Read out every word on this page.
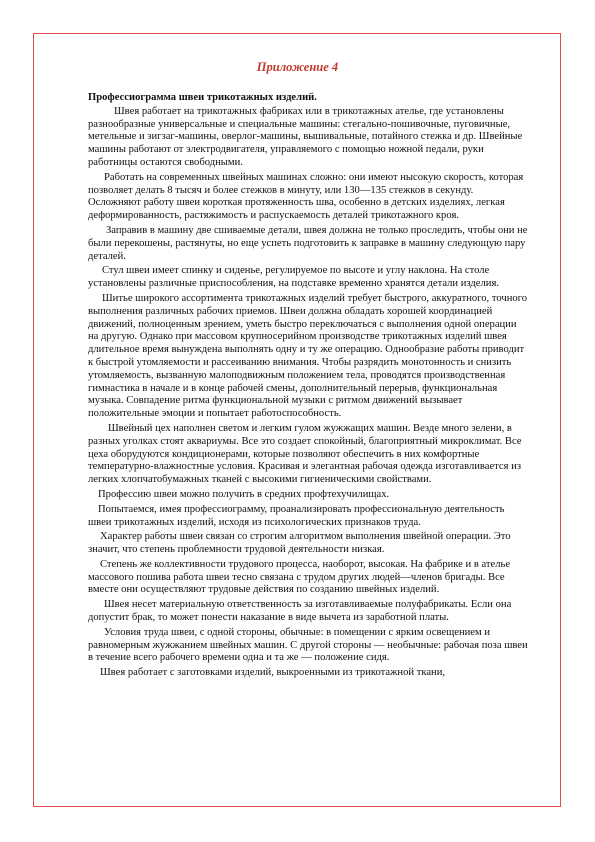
Приложение 4

Профессиограмма швеи трикотажных изделий.

Швея работает на трикотажных фабриках или в трикотажных ателье, где установлены разнообразные универсальные и специальные машины: стегально-пошивочные, пуговичные, метельные и зигзаг-машины, оверлог-машины, вышивальные, потайного стежка и др. Швейные машины работают от электродвигателя, управляемого с помощью ножной педали, руки работницы остаются свободными.

Работать на современных швейных машинах сложно: они имеют нысокую скорость, которая позволяет делать 8 тысяч и более стежков в минуту, или 130—135 стежков в секунду. Осложняют работу швеи короткая протяженность шва, особенно в детских изделиях, легкая деформированность, растяжимость и распускаемость деталей трикотажного кроя.

Заправив в машину две сшиваемые детали, швея должна не только проследить, чтобы они не были перекошены, растянуты, но еще успеть подготовить к заправке в машину следующую пару деталей.

Стул швеи имеет спинку и сиденье, регулируемое по высоте и углу наклона. На столе установлены различные приспособления, на подставке временно хранятся детали изделия.

Шитье широкого ассортимента трикотажных изделий требует быстрого, аккуратного, точного выполнения различных рабочих приемов. Швеи должна обладать хорошей координацией движений, полноценным зрением, уметь быстро переключаться с выполнения одной операции на другую. Однако при массовом крупносерийном производстве трикотажных изделий швея длительное время вынуждена выполнять одну и ту же операцию. Однообразие работы приводит к быстрой утомляемости и рассеиванию внимания. Чтобы разрядить монотонность и снизить утомляемость, вызванную малоподвижным положением тела, проводятся производственная гимнастика в начале и в конце рабочей смены, дополнительный перерыв, функциональная музыка. Совпадение ритма функциональной музыки с ритмом движений вызывает положительные эмоции и попытает работоспособность.

Швейный цех наполнен светом и легким гулом жужжащих машин. Везде много зелени, в разных уголках стоят аквариумы. Все это создает спокойный, благоприятный микроклимат. Все цеха оборудуются кондиционерами, которые позволяют обеспечить в них комфортные температурно-влажностные условия. Красивая и элегантная рабочая одежда изготавливается из легких хлопчатобумажных тканей с высокими гигиеническими свойствами.

Профессию швеи можно получить в средних профтехучилищах.

Попытаемся, имея профессиограмму, проанализировать профессиональную деятельность швеи трикотажных изделий, исходя из психологических признаков труда.

Характер работы швеи связан со строгим алгоритмом выполнения швейной операции. Это значит, что степень проблемности трудовой деятельности низкая.

Степень же коллективности трудового процесса, наоборот, высокая. На фабрике и в ателье массового пошива работа швеи тесно связана с трудом других людей—членов бригады. Все вместе они осуществляют трудовые действия по созданию швейных изделий.

Швея несет материальную ответственность за изготавливаемые полуфабрикаты. Если она допустит брак, то может понести наказание в виде вычета из заработной платы.

Условия труда швеи, с одной стороны, обычные: в помещении с ярким освещением и равномерным жужжанием швейных машин. С другой стороны — необычные: рабочая поза швеи в течение всего рабочего времени одна и та же — положение сидя.

Швея работает с заготовками изделий, выкроенными из трикотажной ткани,
